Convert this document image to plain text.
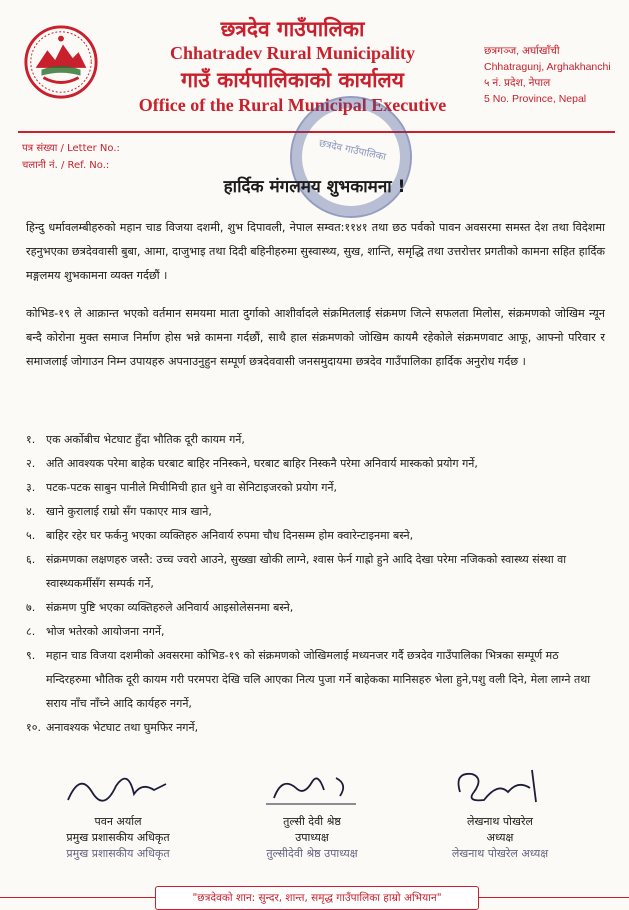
छत्रदेव गाउँपालिका
Chhatradev Rural Municipality
गाउँ कार्यपालिकाको कार्यालय
Office of the Rural Municipal Executive
छत्रगञ्ज, अर्घाखाँची
Chhatragunj, Arghakhanchi
५ नं. प्रदेश, नेपाल
5 No. Province, Nepal
छत्रदेव गाउँपालिका
पत्र संख्या / Letter No.:
चलानी नं. / Ref. No.:
हार्दिक मंगलमय शुभकामना !

हिन्दु धर्मावलम्बीहरुको महान चाड विजया दशमी, शुभ दिपावली, नेपाल सम्वत:११४१ तथा छठ पर्वको पावन अवसरमा समस्त देश तथा विदेशमा रहनुभएका छत्रदेववासी बुबा, आमा, दाजुभाइ तथा दिदी बहिनीहरुमा सुस्वास्थ्य, सुख, शान्ति, समृद्धि तथा उत्तरोत्तर प्रगतीको कामना सहित हार्दिक मङ्गलमय शुभकामना व्यक्त गर्दछौं ।

कोभिड-१९ ले आक्रान्त भएको वर्तमान समयमा माता दुर्गाको आशीर्वादले संक्रमितलाई संक्रमण जित्ने सफलता मिलोस, संक्रमणको जोखिम न्यून बन्दै कोरोना मुक्त समाज निर्माण होस भन्ने कामना गर्दछौं, साथै हाल संक्रमणको जोखिम कायमै रहेकोले संक्रमणवाट आफू, आफ्नो परिवार र समाजलाई जोगाउन निम्न उपायहरु अपनाउनुहुन सम्पूर्ण छत्रदेववासी जनसमुदायमा छत्रदेव गाउँपालिका हार्दिक अनुरोध गर्दछ ।

१. एक अर्कोबीच भेटघाट हुँदा भौतिक दूरी कायम गर्ने,
२. अति आवश्यक परेमा बाहेक घरबाट बाहिर ननिस्कने, घरबाट बाहिर निस्कनै परेमा अनिवार्य मास्कको प्रयोग गर्ने,
३. पटक-पटक साबुन पानीले मिचीमिची हात धुने वा सेनिटाइजरको प्रयोग गर्ने,
४. खाने कुरालाई राम्रो सँग पकाएर मात्र खाने,
५. बाहिर रहेर घर फर्कनु भएका व्यक्तिहरु अनिवार्य रुपमा चौध दिनसम्म होम क्वारेन्टाइनमा बस्ने,
६. संक्रमणका लक्षणहरु जस्तै: उच्च ज्वरो आउने, सुख्खा खोकी लाग्ने, श्वास फेर्न गाह्रो हुने आदि देखा परेमा नजिकको स्वास्थ्य संस्था वा स्वास्थ्यकर्मीसँग सम्पर्क गर्ने,
७. संक्रमण पुष्टि भएका व्यक्तिहरुले अनिवार्य आइसोलेसनमा बस्ने,
८. भोज भतेरको आयोजना नगर्ने,
९. महान चाड विजया दशमीको अवसरमा कोभिड-१९ को संक्रमणको जोखिमलाई मध्यनजर गर्दै छत्रदेव गाउँपालिका भित्रका सम्पूर्ण मठ मन्दिरहरुमा भौतिक दूरी कायम गरी परमपरा देखि चलि आएका नित्य पुजा गर्ने बाहेकका मानिसहरु भेला हुने,पशु वली दिने, मेला लाग्ने तथा सराय नाँच नाँच्ने आदि कार्यहरु नगर्ने,
१०. अनावश्यक भेटघाट तथा घुमफिर नगर्ने,
पवन अर्याल
प्रमुख प्रशासकीय अधिकृत
प्रमुख प्रशासकीय अधिकृत
तुल्सी देवी श्रेष्ठ
उपाध्यक्ष
तुल्सीदेवी श्रेष्ठ उपाध्यक्ष
लेखनाथ पोखरेल
अध्यक्ष
लेखनाथ पोखरेल अध्यक्ष
"छत्रदेवको शान: सुन्दर, शान्त, समृद्ध गाउँपालिका हाम्रो अभियान"
